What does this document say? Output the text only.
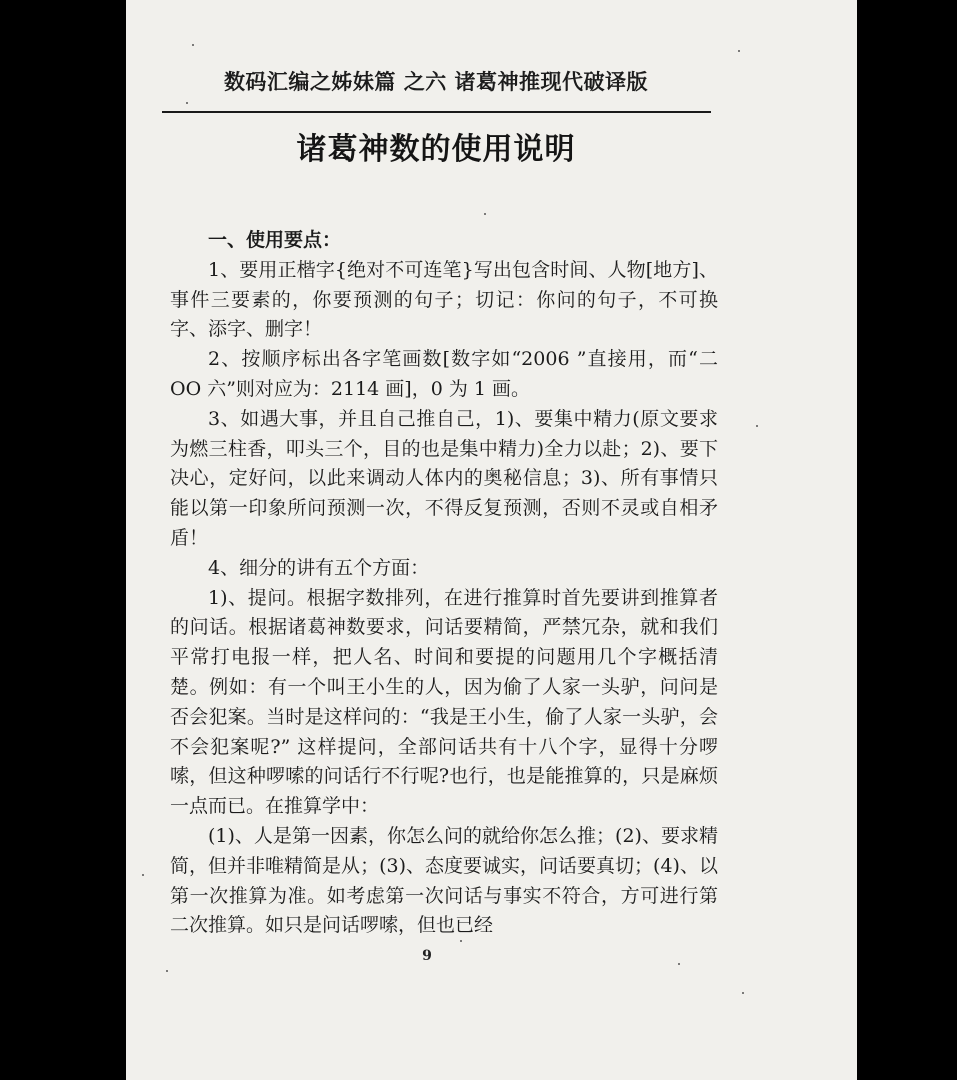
数码汇编之姊妹篇 之六 诸葛神推现代破译版
诸葛神数的使用说明

一、使用要点：

1、要用正楷字{绝对不可连笔}写出包含时间、人物[地方]、事件三要素的，你要预测的句子；切记：你问的句子，不可换字、添字、删字！

2、按顺序标出各字笔画数[数字如“2006 ”直接用，而“二OO 六”则对应为：2114 画]，0 为 1 画。

3、如遇大事，并且自己推自己，1)、要集中精力(原文要求为燃三柱香，叩头三个，目的也是集中精力)全力以赴；2)、要下决心，定好问，以此来调动人体内的奥秘信息；3)、所有事情只能以第一印象所问预测一次，不得反复预测，否则不灵或自相矛盾！

4、细分的讲有五个方面：

1)、提问。根据字数排列，在进行推算时首先要讲到推算者的问话。根据诸葛神数要求，问话要精简，严禁冗杂，就和我们平常打电报一样，把人名、时间和要提的问题用几个字概括清楚。例如：有一个叫王小生的人，因为偷了人家一头驴，问问是否会犯案。当时是这样问的：“我是王小生，偷了人家一头驴，会不会犯案呢?” 这样提问，全部问话共有十八个字，显得十分啰嗦，但这种啰嗦的问话行不行呢?也行，也是能推算的，只是麻烦一点而已。在推算学中：

(1)、人是第一因素，你怎么问的就给你怎么推；(2)、要求精简，但并非唯精简是从；(3)、态度要诚实，问话要真切；(4)、以第一次推算为准。如考虑第一次问话与事实不符合，方可进行第二次推算。如只是问话啰嗦，但也已经

9
